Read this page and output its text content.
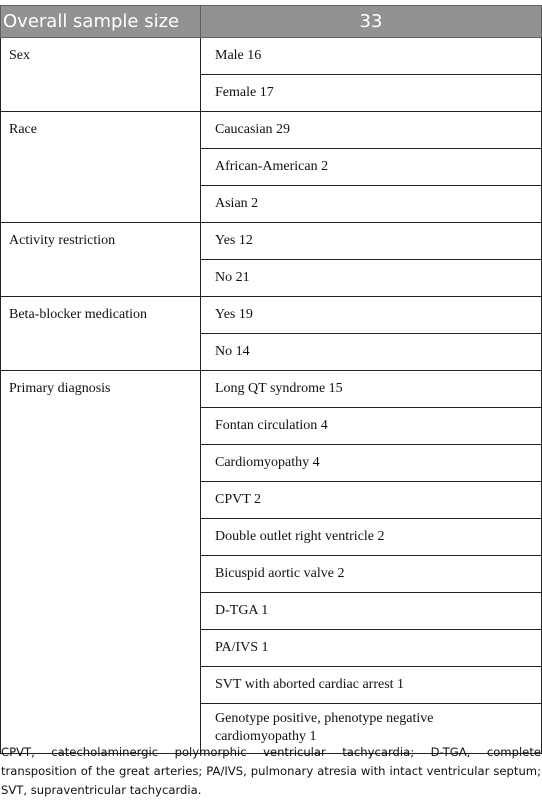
Overall sample size	33
Sex	Male 16
	Female 17
Race	Caucasian 29
	African-American 2
	Asian 2
Activity restriction	Yes 12
	No 21
Beta-blocker medication	Yes 19
	No 14
Primary diagnosis	Long QT syndrome 15
	Fontan circulation 4
	Cardiomyopathy 4
	CPVT 2
	Double outlet right ventricle 2
	Bicuspid aortic valve 2
	D-TGA 1
	PA/IVS 1
	SVT with aborted cardiac arrest 1
	Genotype positive, phenotype negative cardiomyopathy 1

CPVT, catecholaminergic polymorphic ventricular tachycardia; D-TGA, complete transposition of the great arteries; PA/IVS, pulmonary atresia with intact ventricular septum; SVT, supraventricular tachycardia.
